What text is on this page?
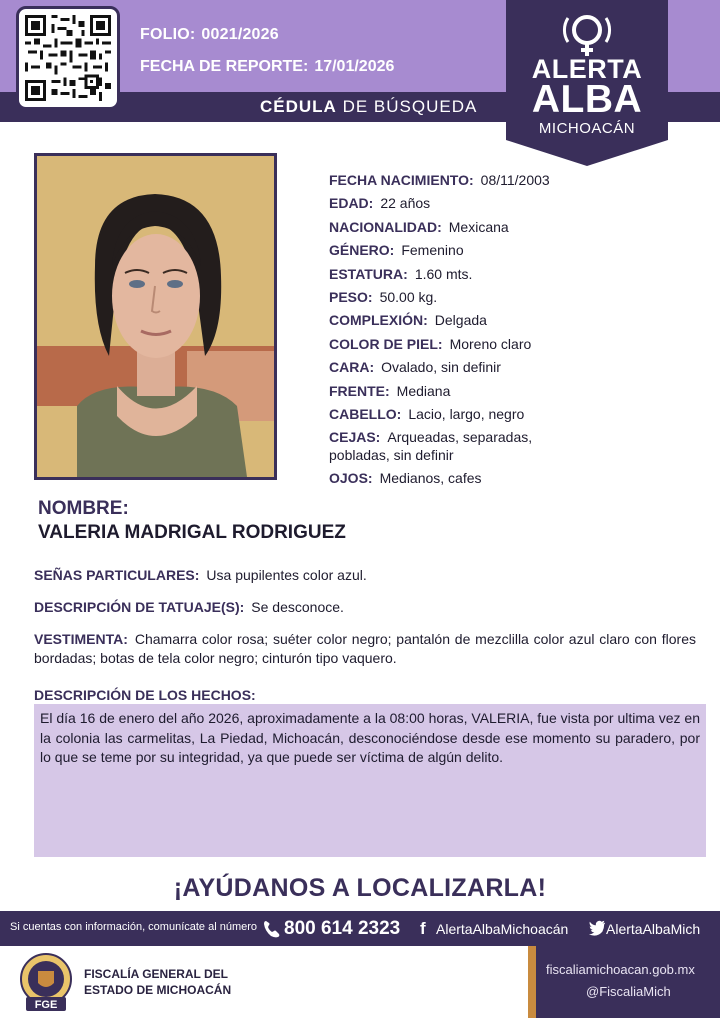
FOLIO: 0021/2026
FECHA DE REPORTE: 17/01/2026
CÉDULA DE BÚSQUEDA
ALERTA
ALBA
MICHOACÁN
FECHA NACIMIENTO: 08/11/2003
EDAD: 22 años
NACIONALIDAD: Mexicana
GÉNERO: Femenino
ESTATURA: 1.60 mts.
PESO: 50.00 kg.
COMPLEXIÓN: Delgada
COLOR DE PIEL: Moreno claro
CARA: Ovalado, sin definir
FRENTE: Mediana
CABELLO: Lacio, largo, negro
CEJAS: Arqueadas, separadas,
pobladas, sin definir
OJOS: Medianos, cafes
NOMBRE:
VALERIA MADRIGAL RODRIGUEZ
SEÑAS PARTICULARES: Usa pupilentes color azul.
DESCRIPCIÓN DE TATUAJE(S): Se desconoce.
VESTIMENTA: Chamarra color rosa; suéter color negro; pantalón de mezclilla color azul claro con flores bordadas; botas de tela color negro; cinturón tipo vaquero.
DESCRIPCIÓN DE LOS HECHOS:
El día 16 de enero del año 2026, aproximadamente a la 08:00 horas, VALERIA, fue vista por ultima vez en la colonia las carmelitas, La Piedad, Michoacán, desconociéndose desde ese momento su paradero, por lo que se teme por su integridad, ya que puede ser víctima de algún delito.
¡AYÚDANOS A LOCALIZARLA!
Si cuentas con información, comunícate al número 800 614 2323 f AlertaAlbaMichoacán	AlertaAlbaMich
FGE
FISCALÍA GENERAL DEL
ESTADO DE MICHOACÁN
fiscaliamichoacan.gob.mx
@FiscaliaMich
